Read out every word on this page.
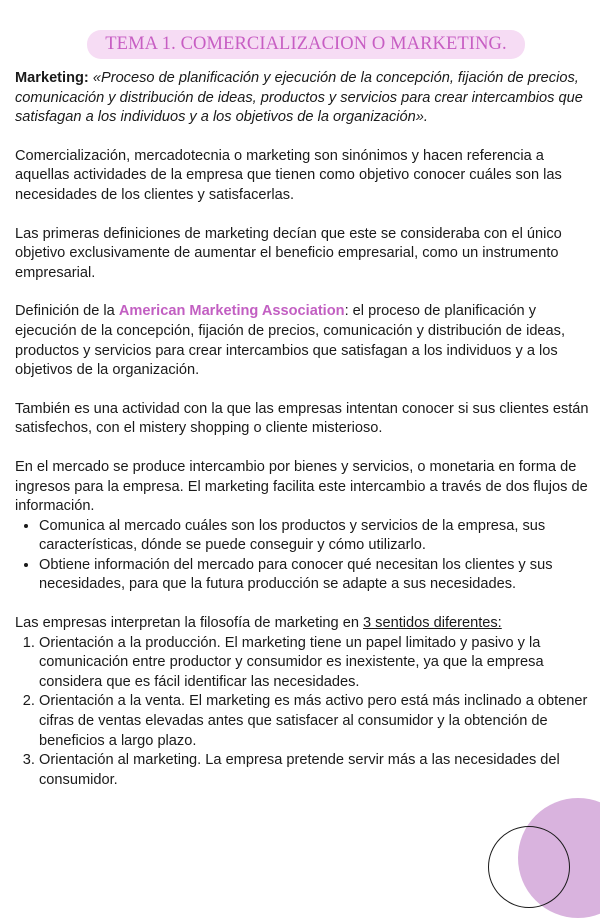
TEMA 1. COMERCIALIZACION O MARKETING.

Marketing: «Proceso de planificación y ejecución de la concepción, fijación de precios, comunicación y distribución de ideas, productos y servicios para crear intercambios que satisfagan a los individuos y a los objetivos de la organización».

Comercialización, mercadotecnia o marketing son sinónimos y hacen referencia a aquellas actividades de la empresa que tienen como objetivo conocer cuáles son las necesidades de los clientes y satisfacerlas.

Las primeras definiciones de marketing decían que este se consideraba con el único objetivo exclusivamente de aumentar el beneficio empresarial, como un instrumento empresarial.

Definición de la American Marketing Association: el proceso de planificación y ejecución de la concepción, fijación de precios, comunicación y distribución de ideas, productos y servicios para crear intercambios que satisfagan a los individuos y a los objetivos de la organización.

También es una actividad con la que las empresas intentan conocer si sus clientes están satisfechos, con el mistery shopping o cliente misterioso.

En el mercado se produce intercambio por bienes y servicios, o monetaria en forma de ingresos para la empresa. El marketing facilita este intercambio a través de dos flujos de información.

• Comunica al mercado cuáles son los productos y servicios de la empresa, sus características, dónde se puede conseguir y cómo utilizarlo.
• Obtiene información del mercado para conocer qué necesitan los clientes y sus necesidades, para que la futura producción se adapte a sus necesidades.

Las empresas interpretan la filosofía de marketing en 3 sentidos diferentes:

1. Orientación a la producción. El marketing tiene un papel limitado y pasivo y la comunicación entre productor y consumidor es inexistente, ya que la empresa considera que es fácil identificar las necesidades.
2. Orientación a la venta. El marketing es más activo pero está más inclinado a obtener cifras de ventas elevadas antes que satisfacer al consumidor y la obtención de beneficios a largo plazo.
3. Orientación al marketing. La empresa pretende servir más a las necesidades del consumidor.
